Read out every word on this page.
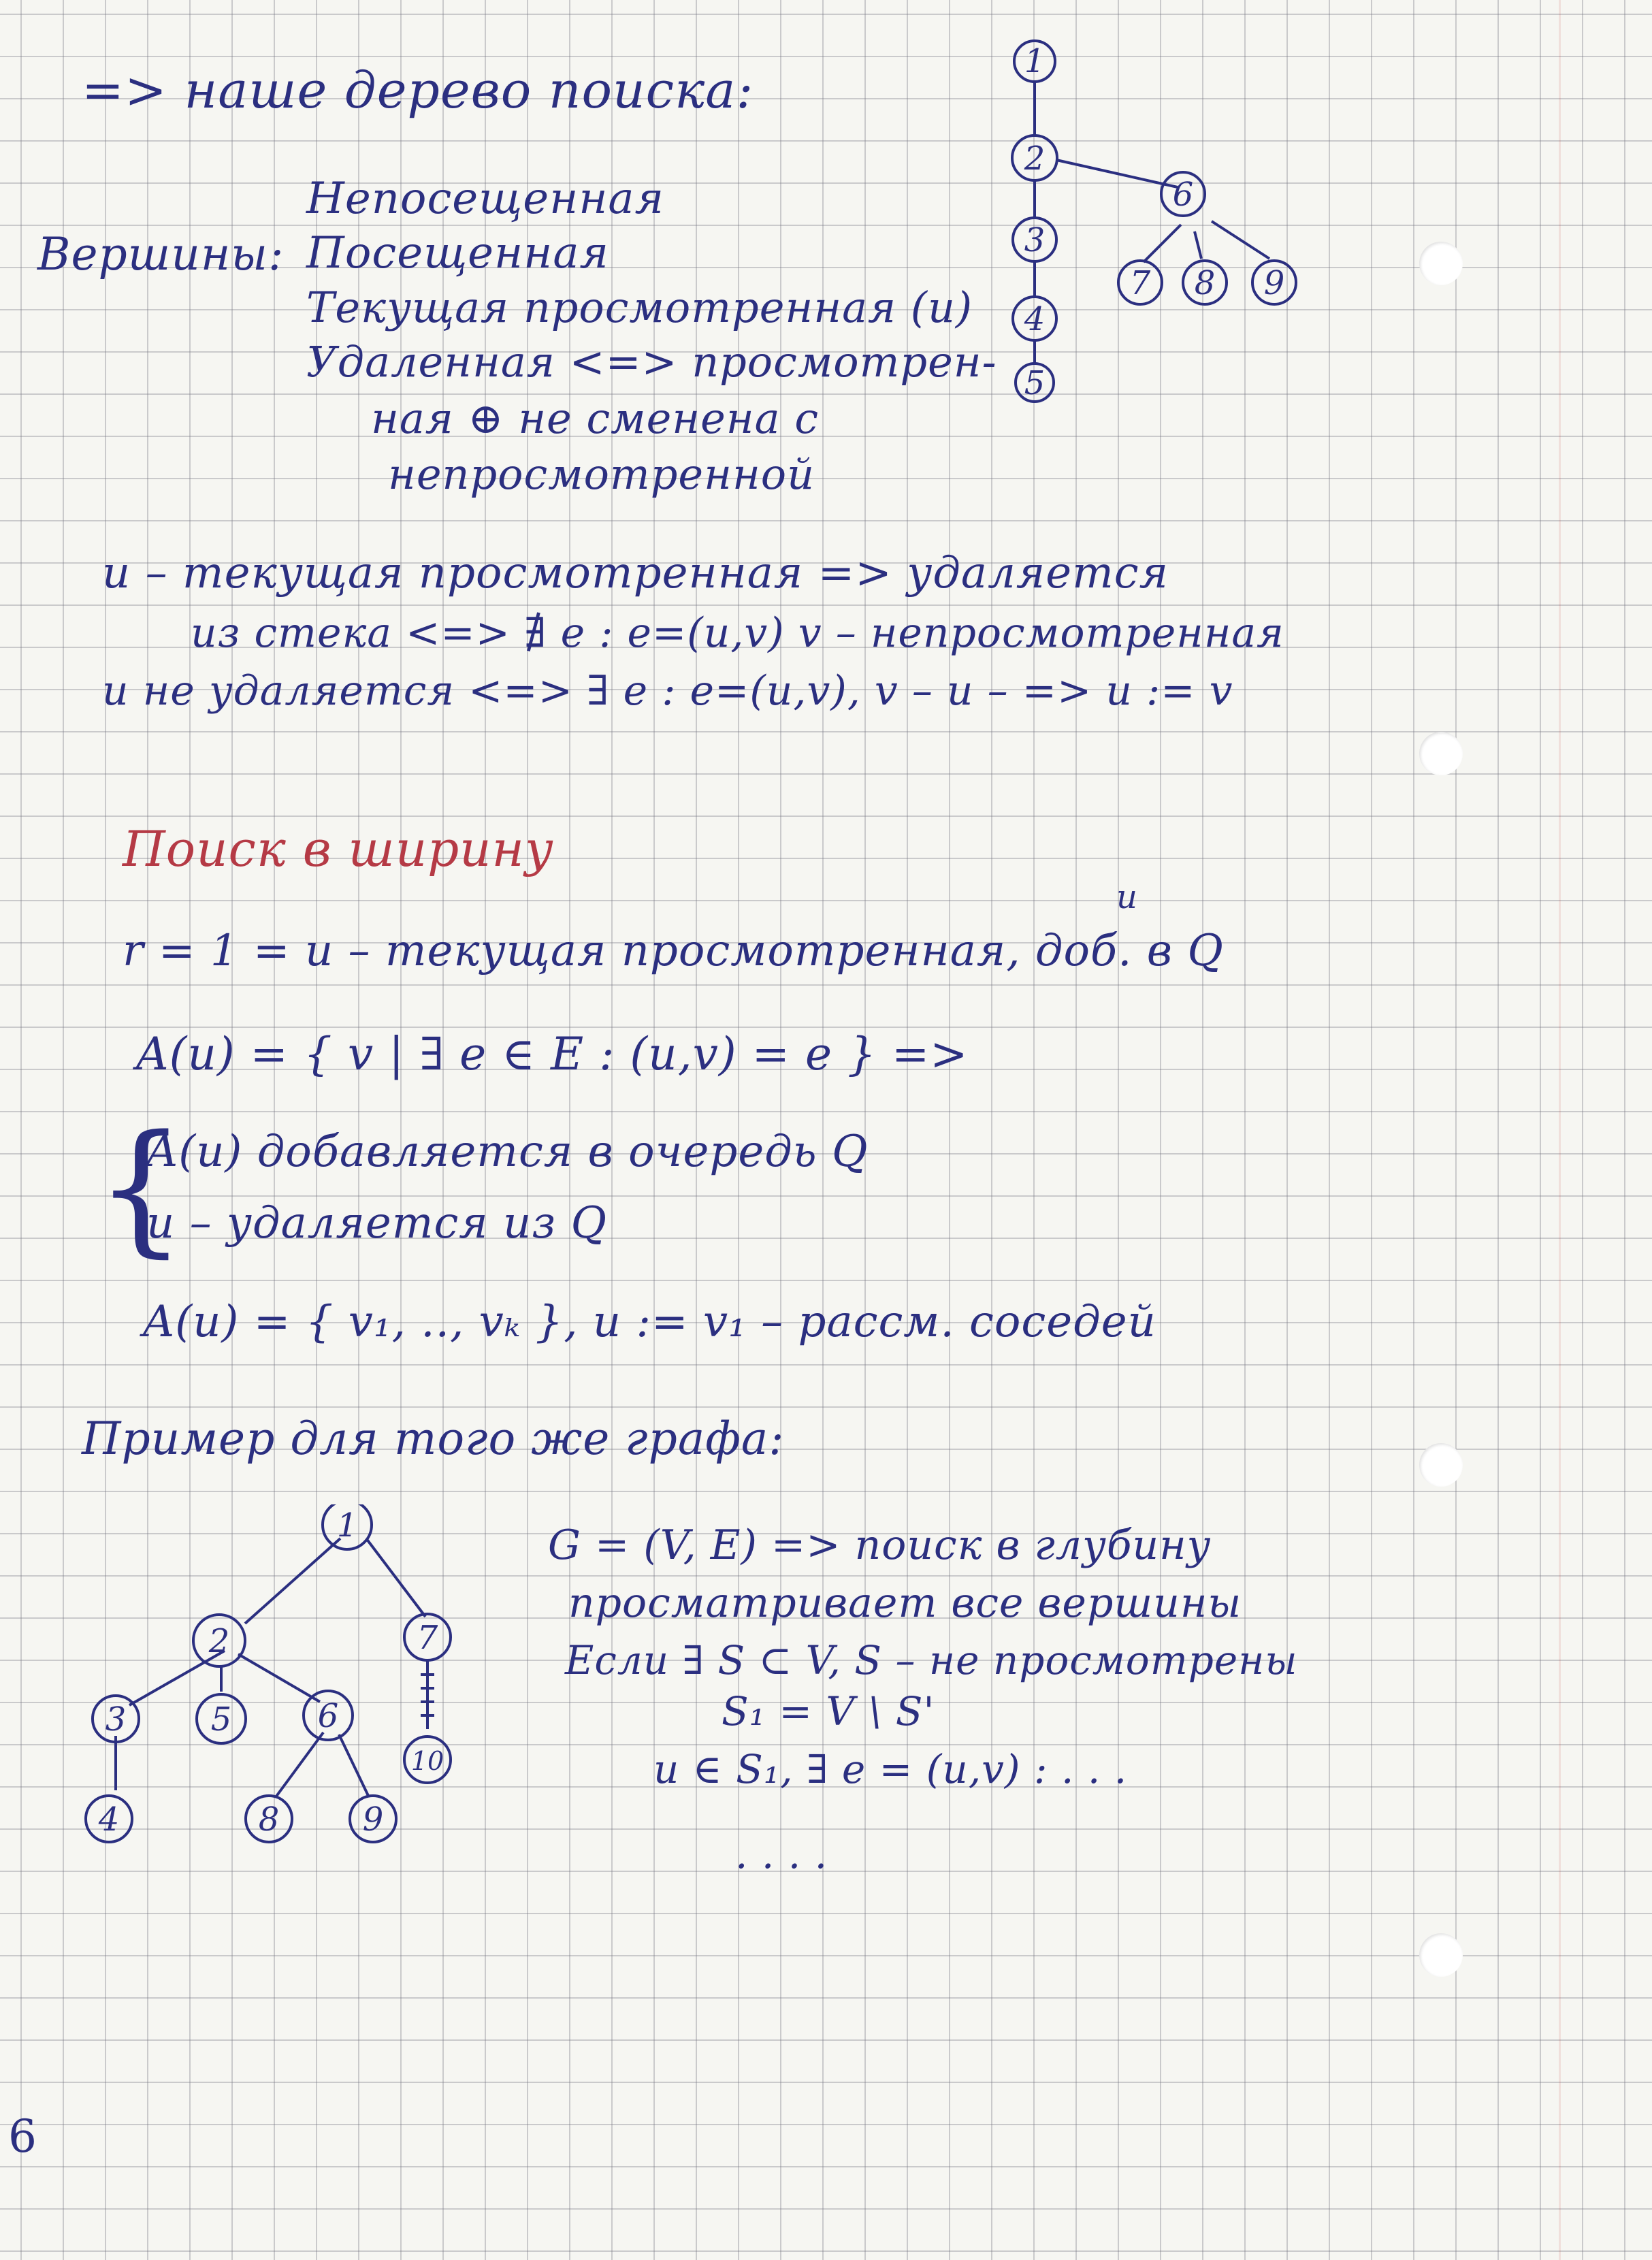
=> наше дерево поиска:
Вершины:
Непосещенная
Посещенная
Текущая просмотренная (u)
Удаленная <=> просмотрен-
ная ⊕ не сменена с
непросмотренной
1
2
3
4
5
6
7 8 9
u – текущая просмотренная => удаляется
из стека <=> ∄ e : e=(u,v) v – непросмотренная
и не удаляется <=> ∃ e : e=(u,v), v – u – => u := v
Поиск в ширину
u
r = 1 = u – текущая просмотренная, доб. в Q
A(u) = { v | ∃ e ∈ E : (u,v) = e } =>
{
A(u) добавляется в очередь Q
u – удаляется из Q
A(u) = { v₁, .., vₖ }, u := v₁ – рассм. соседей
Пример для того же графа:
G = (V, E) => поиск в глубину
просматривает все вершины
Если ∃ S ⊂ V, S – не просмотрены
S₁ = V \ S'
u ∈ S₁, ∃ e = (u,v) : . . .
. . . .
1
2	7
3	5	6
10
4	8	9
6
